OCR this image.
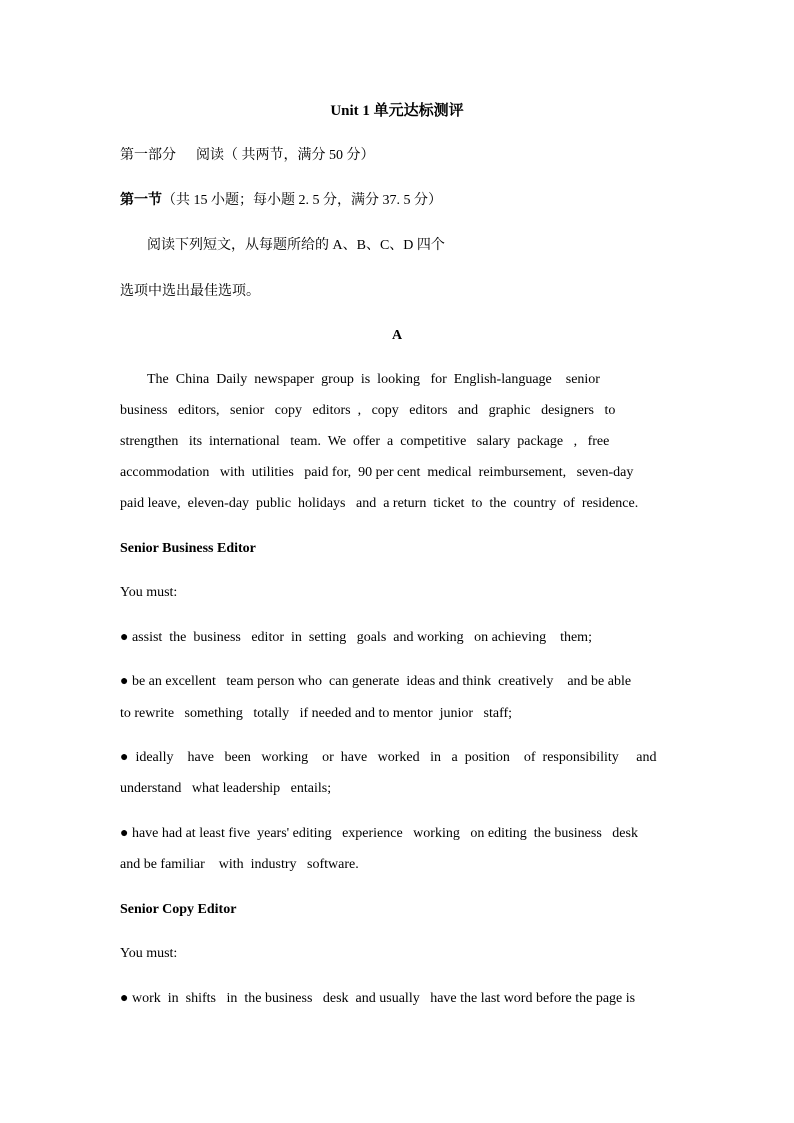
Unit 1 单元达标测评
第一部分 阅读（ 共两节，满分 50 分）
第一节（共 15 小题；每小题 2. 5 分，满分 37. 5 分）
阅读下列短文，从每题所给的 A、B、C、D 四个
选项中选出最佳选项。
A
The  China  Daily  newspaper  group  is  looking   for  English-language    senior
business   editors,   senior   copy   editors  ,   copy   editors   and   graphic   designers   to
strengthen   its  international   team.  We  offer  a  competitive   salary  package   ,   free
accommodation   with  utilities   paid for,  90 per cent  medical  reimbursement,   seven-day
paid leave,  eleven-day  public  holidays   and  a return  ticket  to  the  country  of  residence.
Senior Business Editor
You must:
● assist  the  business   editor  in  setting   goals  and working   on achieving    them;
● be an excellent   team person who  can generate  ideas and think  creatively    and be able
to rewrite   something   totally   if needed and to mentor  junior   staff;
●  ideally    have   been   working    or  have   worked   in   a  position    of  responsibility     and
understand   what leadership   entails;
● have had at least five  years' editing   experience   working   on editing  the business   desk
and be familiar    with  industry   software.
Senior Copy Editor
You must:
● work  in  shifts   in  the business   desk  and usually   have the last word before the page is
